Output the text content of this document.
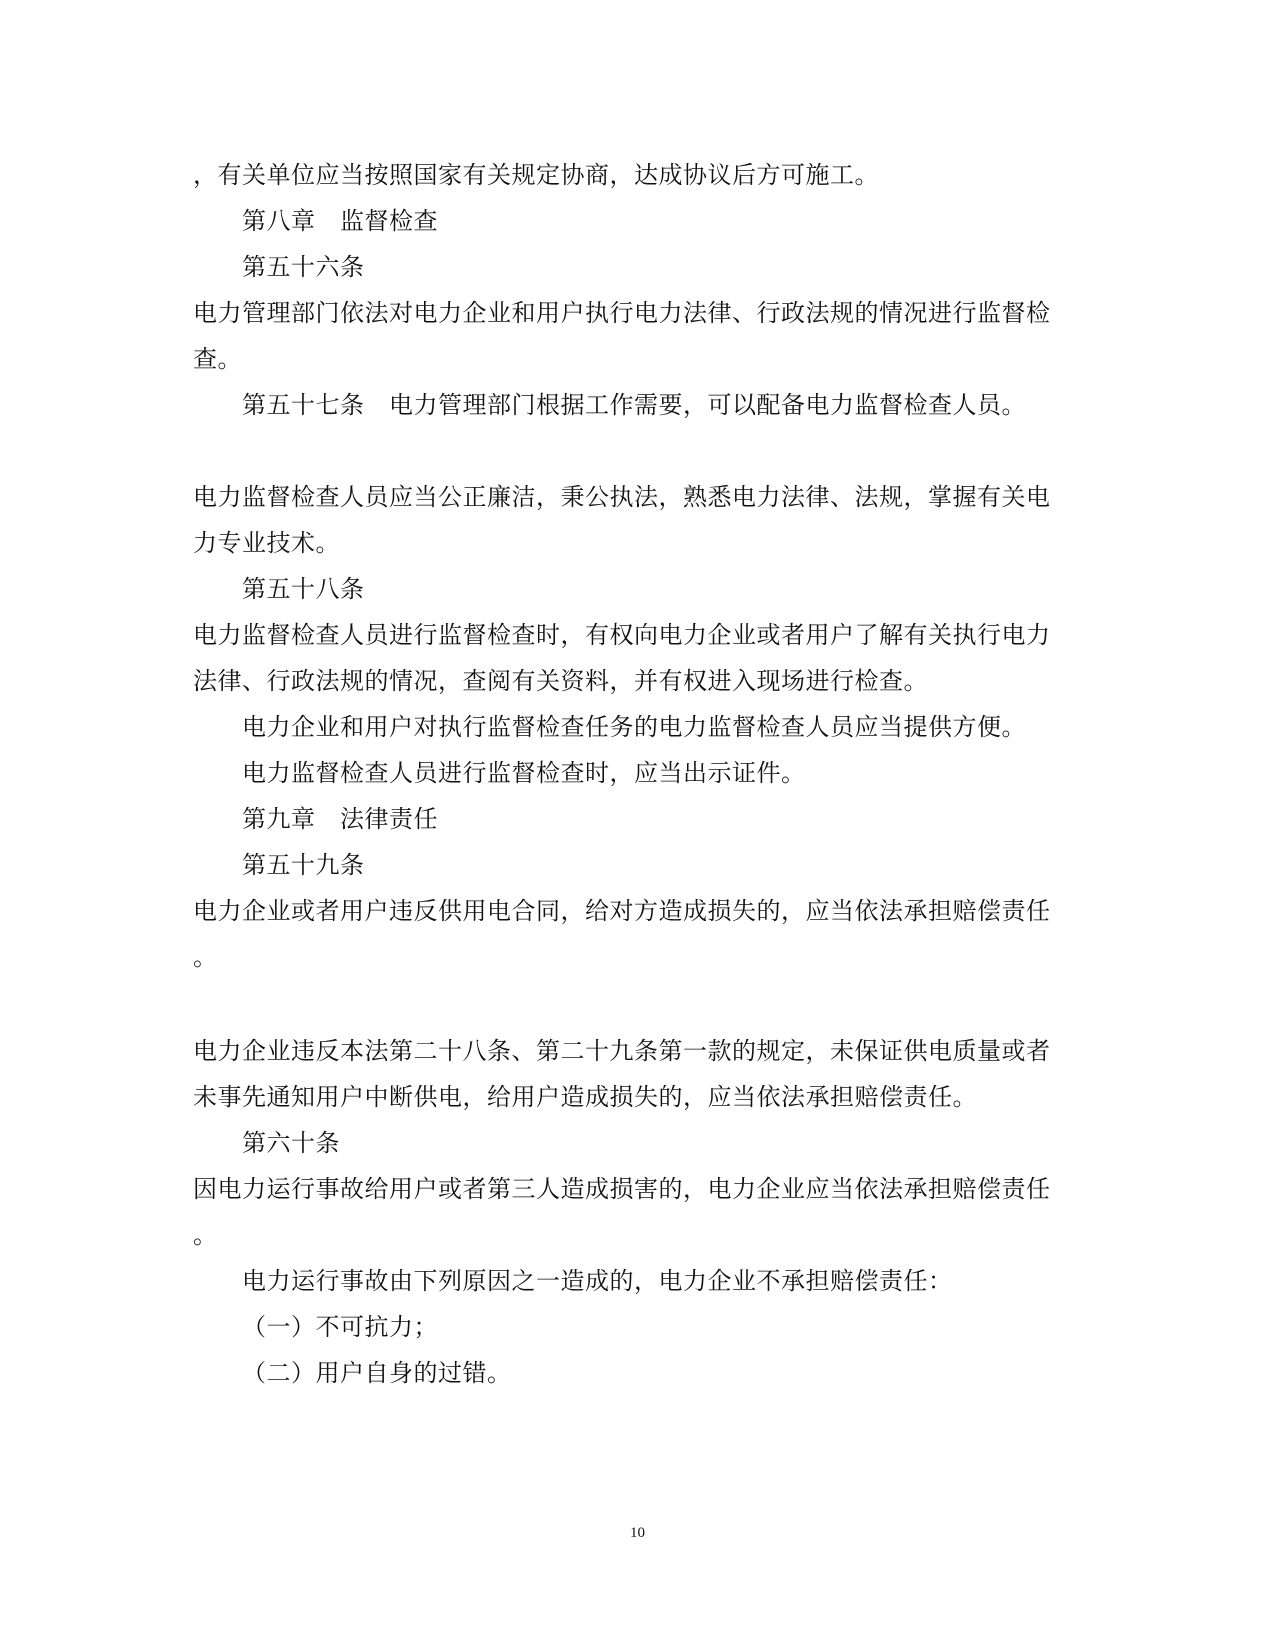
，有关单位应当按照国家有关规定协商，达成协议后方可施工。
第八章　监督检查
第五十六条
电力管理部门依法对电力企业和用户执行电力法律、行政法规的情况进行监督检
查。
第五十七条　电力管理部门根据工作需要，可以配备电力监督检查人员。
电力监督检查人员应当公正廉洁，秉公执法，熟悉电力法律、法规，掌握有关电
力专业技术。
第五十八条
电力监督检查人员进行监督检查时，有权向电力企业或者用户了解有关执行电力
法律、行政法规的情况，查阅有关资料，并有权进入现场进行检查。
电力企业和用户对执行监督检查任务的电力监督检查人员应当提供方便。
电力监督检查人员进行监督检查时，应当出示证件。
第九章　法律责任
第五十九条
电力企业或者用户违反供用电合同，给对方造成损失的，应当依法承担赔偿责任
。
电力企业违反本法第二十八条、第二十九条第一款的规定，未保证供电质量或者
未事先通知用户中断供电，给用户造成损失的，应当依法承担赔偿责任。
第六十条
因电力运行事故给用户或者第三人造成损害的，电力企业应当依法承担赔偿责任
。
电力运行事故由下列原因之一造成的，电力企业不承担赔偿责任：
（一）不可抗力；
（二）用户自身的过错。
10
